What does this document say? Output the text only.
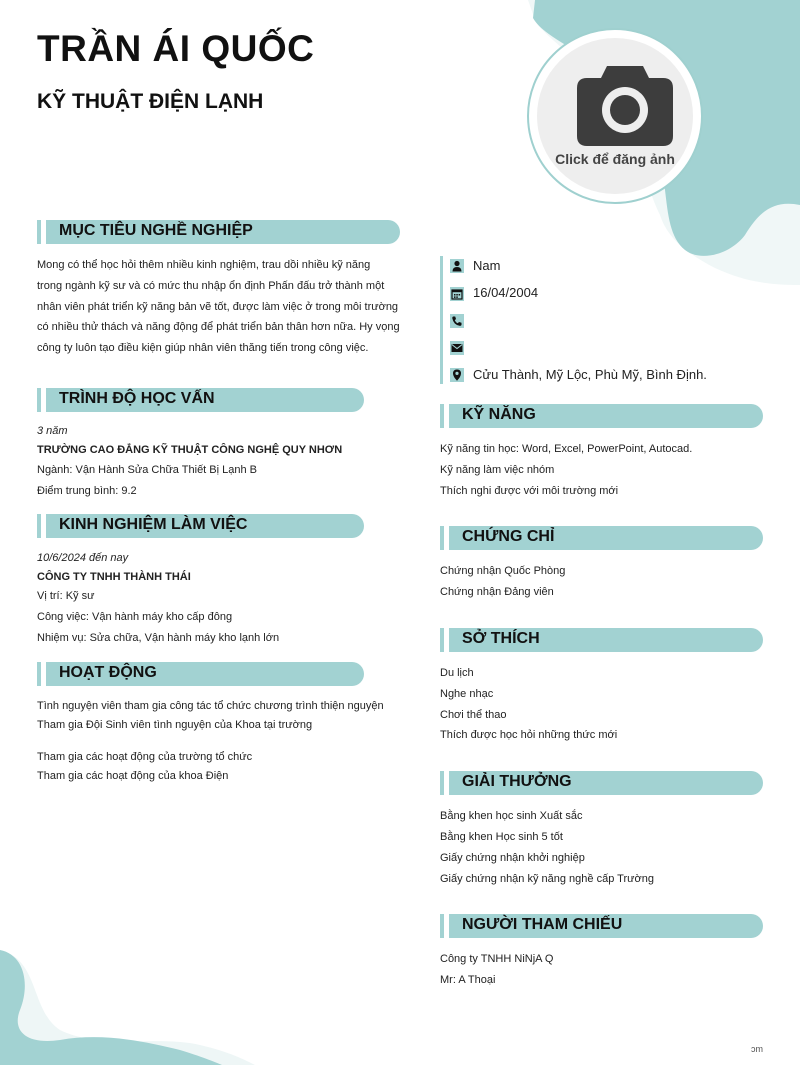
TRẦN ÁI QUỐC
KỸ THUẬT ĐIỆN LẠNH
Click để đăng ảnh
MỤC TIÊU NGHỀ NGHIỆP
Mong có thể học hỏi thêm nhiều kinh nghiệm, trau dồi nhiều kỹ năng
trong ngành kỹ sư và có mức thu nhập ổn định Phấn đấu trở thành một
nhân viên phát triển kỹ năng bản vẽ tốt, được làm việc ở trong môi trường
có nhiều thử thách và năng động để phát triển bản thân hơn nữa. Hy vọng
công ty luôn tạo điều kiện giúp nhân viên thăng tiến trong công việc.
TRÌNH ĐỘ HỌC VẤN
3 năm
TRƯỜNG CAO ĐẲNG KỸ THUẬT CÔNG NGHỆ QUY NHƠN
Ngành: Vận Hành Sửa Chữa Thiết Bị Lạnh B
Điểm trung bình: 9.2
KINH NGHIỆM LÀM VIỆC
10/6/2024 đến nay
CÔNG TY TNHH THÀNH THÁI
Vị trí: Kỹ sư
Công việc: Vận hành máy kho cấp đông
Nhiệm vụ: Sửa chữa, Vận hành máy kho lạnh lớn
HOẠT ĐỘNG
Tình nguyện viên tham gia công tác tổ chức chương trình thiện nguyện
Tham gia Đội Sinh viên tình nguyện của Khoa tại trường
Tham gia các hoạt động của trường tổ chức
Tham gia các hoạt động của khoa Điện
Nam
16/04/2004
Cửu Thành, Mỹ Lộc, Phù Mỹ, Bình Định.
KỸ NĂNG
Kỹ năng tin học: Word, Excel, PowerPoint, Autocad.
Kỹ năng làm việc nhóm
Thích nghi được với môi trường mới
CHỨNG CHỈ
Chứng nhận Quốc Phòng
Chứng nhận Đảng viên
SỞ THÍCH
Du lịch
Nghe nhạc
Chơi thể thao
Thích được học hỏi những thức mới
GIẢI THƯỞNG
Bằng khen học sinh Xuất sắc
Bằng khen Học sinh 5 tốt
Giấy chứng nhận khởi nghiệp
Giấy chứng nhận kỹ năng nghề cấp Trường
NGƯỜI THAM CHIẾU
Công ty TNHH NiNjA Q
Mr: A Thoại
ɔm
